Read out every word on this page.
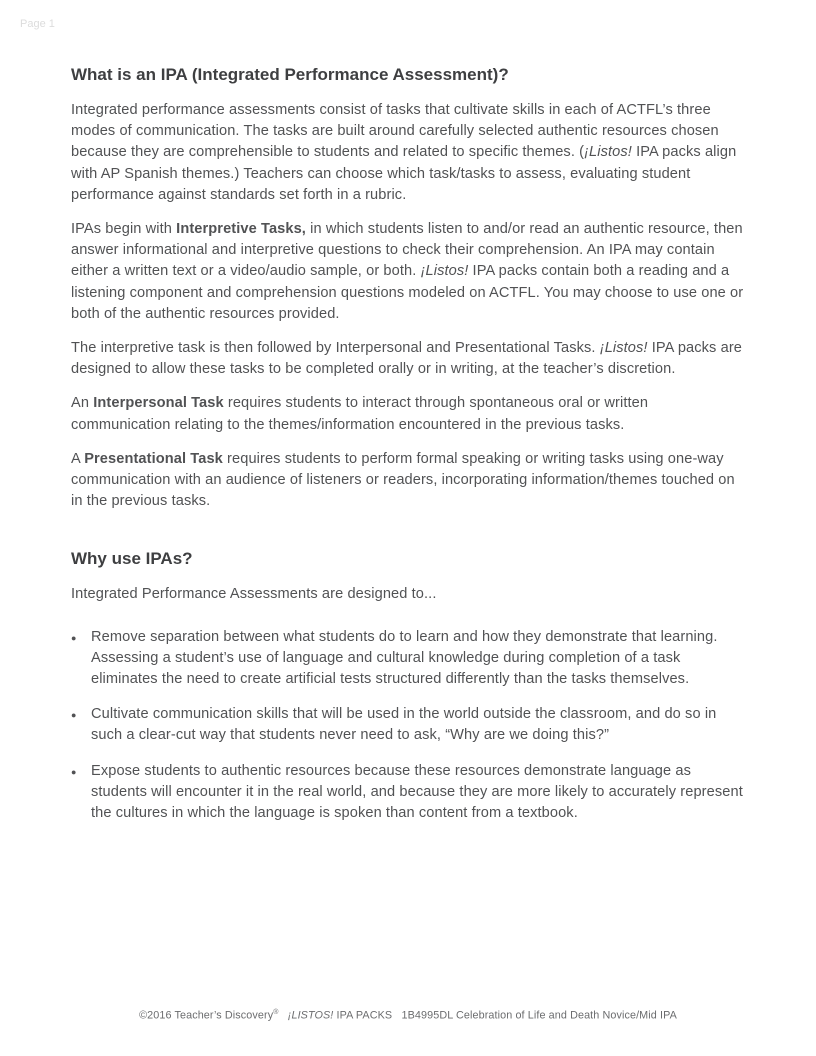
Page 1
What is an IPA (Integrated Performance Assessment)?

Integrated performance assessments consist of tasks that cultivate skills in each of ACTFL’s three modes of communication. The tasks are built around carefully selected authentic resources chosen because they are comprehensible to students and related to specific themes. (¡Listos! IPA packs align with AP Spanish themes.) Teachers can choose which task/tasks to assess, evaluating student performance against standards set forth in a rubric.

IPAs begin with Interpretive Tasks, in which students listen to and/or read an authentic resource, then answer informational and interpretive questions to check their comprehension. An IPA may contain either a written text or a video/audio sample, or both. ¡Listos! IPA packs contain both a reading and a listening component and comprehension questions modeled on ACTFL. You may choose to use one or both of the authentic resources provided.

The interpretive task is then followed by Interpersonal and Presentational Tasks. ¡Listos! IPA packs are designed to allow these tasks to be completed orally or in writing, at the teacher’s discretion.

An Interpersonal Task requires students to interact through spontaneous oral or written communication relating to the themes/information encountered in the previous tasks.

A Presentational Task requires students to perform formal speaking or writing tasks using one-way communication with an audience of listeners or readers, incorporating information/themes touched on in the previous tasks.

Why use IPAs?

Integrated Performance Assessments are designed to...

● Remove separation between what students do to learn and how they demonstrate that learning. Assessing a student’s use of language and cultural knowledge during completion of a task eliminates the need to create artificial tests structured differently than the tasks themselves.
● Cultivate communication skills that will be used in the world outside the classroom, and do so in such a clear-cut way that students never need to ask, “Why are we doing this?”
● Expose students to authentic resources because these resources demonstrate language as students will encounter it in the real world, and because they are more likely to accurately represent the cultures in which the language is spoken than content from a textbook.
©2016 Teacher’s Discovery® ¡LISTOS! IPA PACKS   1B4995DL Celebration of Life and Death Novice/Mid IPA
